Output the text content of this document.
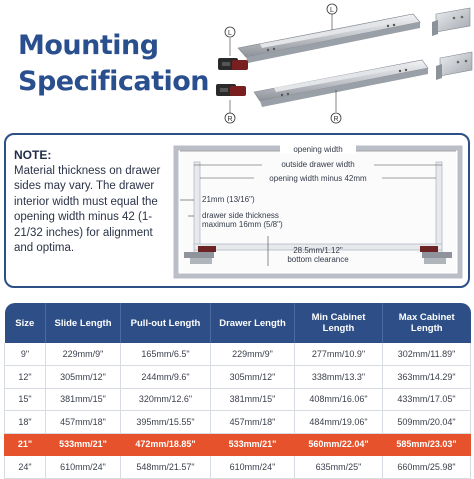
Mounting
Specification
L
L
R	R
NOTE:
Material thickness on drawer sides may vary. The drawer interior width must equal the opening width minus 42 (1-21/32 inches) for alignment and optima.
opening width
outside drawer width
opening width minus 42mm
21mm (13/16")
drawer side thickness
maximum 16mm (5/8")
28.5mm/1.12"
bottom clearance
Size	Slide Length	Pull-out Length	Drawer Length	Min Cabinet Length	Max Cabinet Length
9"	229mm/9"	165mm/6.5"	229mm/9"	277mm/10.9"	302mm/11.89"
12"	305mm/12"	244mm/9.6"	305mm/12"	338mm/13.3"	363mm/14.29"
15"	381mm/15"	320mm/12.6"	381mm/15"	408mm/16.06"	433mm/17.05"
18"	457mm/18"	395mm/15.55"	457mm/18"	484mm/19.06"	509mm/20.04"
21"	533mm/21"	472mm/18.85"	533mm/21"	560mm/22.04"	585mm/23.03"
24"	610mm/24"	548mm/21.57"	610mm/24"	635mm/25"	660mm/25.98"
